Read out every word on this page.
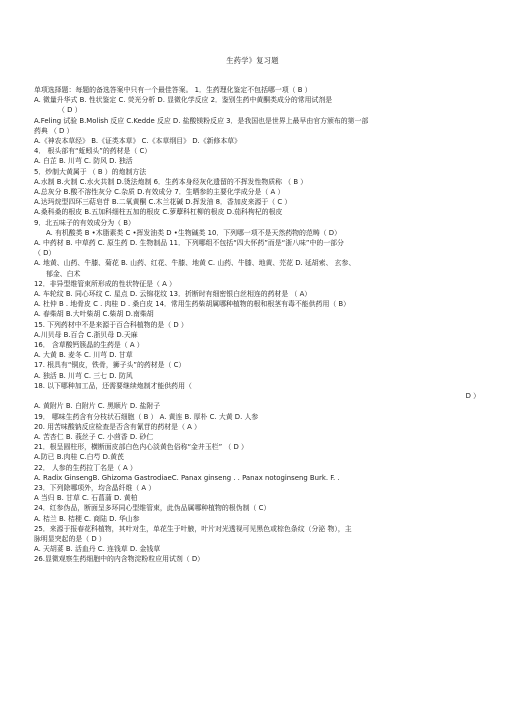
生药学》复习题
单项选择题：每题的备选答案中只有一个最佳答案。 1．生药理化鉴定不包括哪一项（ B ）
A. 微量升华式 B. 性状鉴定 C. 荧光分析 D. 显微化学反应 2．鉴别生药中黄酮类成分的常用试剂是
（ D ）
A.Feling 试验 B.Molish 反应 C.Kedde 反应 D. 盐酸镁粉反应 3．是我国也是世界上最早由官方颁布的第一部
药典 （ D ）
A.《神农本草经》 B.《证类本草》 C.《本草纲目》 D.《新修本草》
4． 根头部有“蚯蚓头”的药材是（ C）
A. 白芷 B. 川芎 C. 防风 D. 独活
5．炒制大黄属于 （ B ）的炮制方法
A.水制 B.火制 C.水火共制 D.烫法炮制 6．生药本身经灰化遗留的不挥发性物质称 （ B ）
A.总灰分 B.酸不溶性灰分 C.杂质 D.有效成分 7．生晒参的主要化学成分是（ A ）
A.达玛烷型四环三萜皂苷 B.二氧黄酮 C.木兰花碱 D.挥发油 8．香加皮来源于（ C ）
A.桑科桑的根皮 B.五加科细柱五加的根皮 C.萝藦科杠柳的根皮 D.茄科枸杞的根皮
9．北五味子的有效成分为（ B）
A. 有机酸类 B •木脂素类 C •挥发油类 D •生物碱类 10．下列哪一项不是天然药物的范畴（ D）
A. 中药材 B. 中草药 C. 原生药 D. 生物制品 11．下列哪组不包括“四大怀药”而是“浙八味”中的一部分
（ D）
A. 地黄、山药、牛膝、菊花 B. 山药、红花、牛膝、地黄 C. 山药、牛膝、地黄、芫花 D. 延胡索、 玄参、
郁金、白术
12．非异型维管束所形成的性状特征是（ A ）
A. 车轮纹 B. 同心环纹 C. 星点 D. 云锦花纹 13．折断时有细密银白丝相连的药材是 （ A）
A. 杜仲 B . 地骨皮 C . 肉桂 D . 桑白皮 14．常用生药柴胡属哪种植物的根和根茎有毒不能供药用（ B）
A. 春柴胡 B.大叶柴胡 C.柴胡 D.南柴胡
15. 下列药材中不是来源于百合科植物的是（ D ）
A.川贝母 B.百合 C.浙贝母 D.天麻
16． 含草酸钙簇晶的生药是（ A ）
A. 大黄 B. 麦冬 C. 川芎 D. 甘草
17. 根具有“铜皮，铁骨，狮子头”的药材是（ C）
A. 独活 B. 川芎 C. 三七 D. 防风
18. 以下哪种加工品，还需要继续炮制才能供药用（
D ）
A. 黄附片 B. 白附片 C. 黑顺片 D. 盐附子
19． 哪味生药含有分枝状石细胞（ B ） A. 黄连 B. 厚朴 C. 大黄 D. 人参
20. 用苦味酸钠反应检查是否含有氰苷的药材是（ A ）
A. 苦杏仁 B. 莪丝子 C. 小茴香 D. 砂仁
21．根呈圆柱形，横断面皮部白色内心淡黄色俗称“金井玉栏” （ D ）
A.防已 B.肉桂 C.白芍 D.黄芪
22． 人参的生药拉丁名是（ A ）
A. Radix GinsengB. Ghizoma GastrodiaeC. Panax ginseng . . Panax notoginseng Burk. F. .
23．下列除哪项外，均含晶纤维（ A ）
A 当归 B. 甘草 C. 石菖蒲 D. 黄柏
24．红参伪品，断面呈多环同心型维管束，此伪品属哪种植物的根伪制（ C）
A. 桔兰 B. 桔梗 C. 商陆 D. 华山参
25．来源于报春花科植物，其叶对生，单花生于叶腋，叶片对光透视可见黑色或棕色条纹（分泌 物），主
脉明显突起的是（ D ）
A. 天胡荽 B. 活血丹 C. 连钱草 D. 金钱草
26.显微观察生药细胞中的内含物淀粉粒应用试剂（ D）
